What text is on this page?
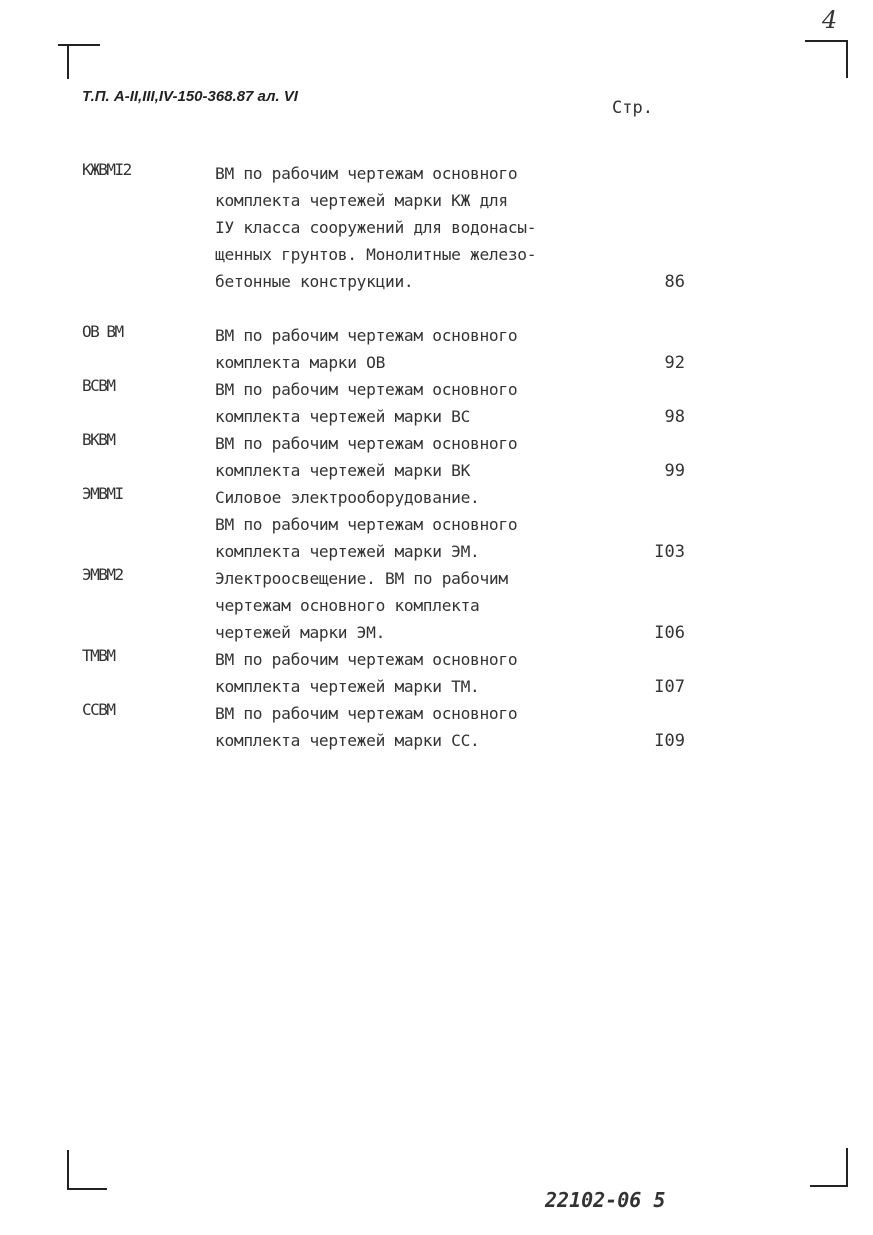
4
Т.П. А-II,III,IV-150-368.87 ал. VI
Стр.
КЖВМI2	ВМ по рабочим чертежам основного
комплекта чертежей марки КЖ для
IУ класса сооружений для водонасы-
щенных грунтов. Монолитные железо-
бетонные конструкции.	86
ОВ ВМ	ВМ по рабочим чертежам основного
комплекта марки ОВ	92
ВСВМ	ВМ по рабочим чертежам основного
комплекта чертежей марки ВС	98
ВКВМ	ВМ по рабочим чертежам основного
комплекта чертежей марки ВК	99
ЭМВМI	Силовое электрооборудование.
ВМ по рабочим чертежам основного
комплекта чертежей марки ЭМ.	I03
ЭМВМ2	Электроосвещение. ВМ по рабочим
чертежам основного комплекта
чертежей марки ЭМ.	I06
ТМВМ	ВМ по рабочим чертежам основного
комплекта чертежей марки ТМ.	I07
ССВМ	ВМ по рабочим чертежам основного
комплекта чертежей марки СС.	I09
22102-06 5
